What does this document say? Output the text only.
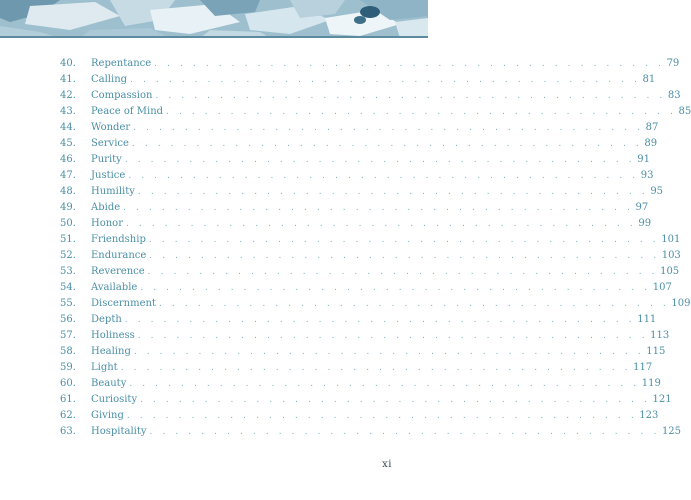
40.	Repentance . . . . . . . . . . . . . . . . . . . . . . . . . . . . . . . . . . . . . . . . 79
41.	Calling . . . . . . . . . . . . . . . . . . . . . . . . . . . . . . . . . . . . . . . . 81
42.	Compassion . . . . . . . . . . . . . . . . . . . . . . . . . . . . . . . . . . . . . . . . 83
43.	Peace of Mind . . . . . . . . . . . . . . . . . . . . . . . . . . . . . . . . . . . . . . . . 85
44.	Wonder . . . . . . . . . . . . . . . . . . . . . . . . . . . . . . . . . . . . . . . . 87
45.	Service . . . . . . . . . . . . . . . . . . . . . . . . . . . . . . . . . . . . . . . . 89
46.	Purity . . . . . . . . . . . . . . . . . . . . . . . . . . . . . . . . . . . . . . . . 91
47.	Justice . . . . . . . . . . . . . . . . . . . . . . . . . . . . . . . . . . . . . . . . 93
48.	Humility . . . . . . . . . . . . . . . . . . . . . . . . . . . . . . . . . . . . . . . . 95
49.	Abide . . . . . . . . . . . . . . . . . . . . . . . . . . . . . . . . . . . . . . . . 97
50.	Honor . . . . . . . . . . . . . . . . . . . . . . . . . . . . . . . . . . . . . . . . 99
51.	Friendship . . . . . . . . . . . . . . . . . . . . . . . . . . . . . . . . . . . . . . . . 101
52.	Endurance . . . . . . . . . . . . . . . . . . . . . . . . . . . . . . . . . . . . . . . . 103
53.	Reverence . . . . . . . . . . . . . . . . . . . . . . . . . . . . . . . . . . . . . . . . 105
54.	Available . . . . . . . . . . . . . . . . . . . . . . . . . . . . . . . . . . . . . . . . 107
55.	Discernment . . . . . . . . . . . . . . . . . . . . . . . . . . . . . . . . . . . . . . . . 109
56.	Depth . . . . . . . . . . . . . . . . . . . . . . . . . . . . . . . . . . . . . . . . 111
57.	Holiness . . . . . . . . . . . . . . . . . . . . . . . . . . . . . . . . . . . . . . . . 113
58.	Healing . . . . . . . . . . . . . . . . . . . . . . . . . . . . . . . . . . . . . . . . 115
59.	Light . . . . . . . . . . . . . . . . . . . . . . . . . . . . . . . . . . . . . . . . 117
60.	Beauty . . . . . . . . . . . . . . . . . . . . . . . . . . . . . . . . . . . . . . . . 119
61.	Curiosity . . . . . . . . . . . . . . . . . . . . . . . . . . . . . . . . . . . . . . . . 121
62.	Giving . . . . . . . . . . . . . . . . . . . . . . . . . . . . . . . . . . . . . . . . 123
63.	Hospitality . . . . . . . . . . . . . . . . . . . . . . . . . . . . . . . . . . . . . . . . 125
xi
